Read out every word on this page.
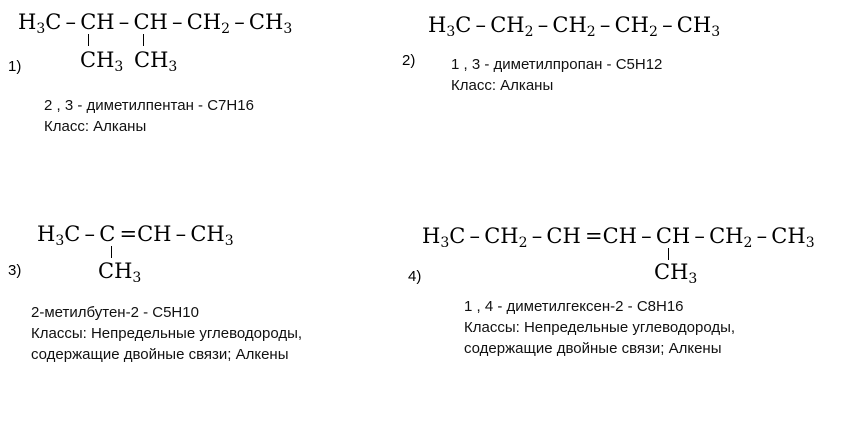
$H_3C$ – CH – CH – $CH_2 - CH_3$
$CH_3$ $CH_3$
1)
2 , 3 - диметилпентан - C7H16
Класс: Алканы
$H_3C - CH_2 - CH_2 - CH_2 - CH_3$
2) 1 , 3 - диметилпропан - C5H12
Класс: Алканы
$H_3C - C =CH - CH_3$
$CH_3$
3)
2-метилбутен-2 - C5H10
Классы: Непредельные углеводороды,
содержащие двойные связи; Алкены
$H_3C - CH_2$ – CH =CH – CH – $CH_2 - CH_3$
$CH_3$
4)
1 , 4 - диметилгексен-2 - C8H16
Классы: Непредельные углеводороды,
содержащие двойные связи; Алкены
